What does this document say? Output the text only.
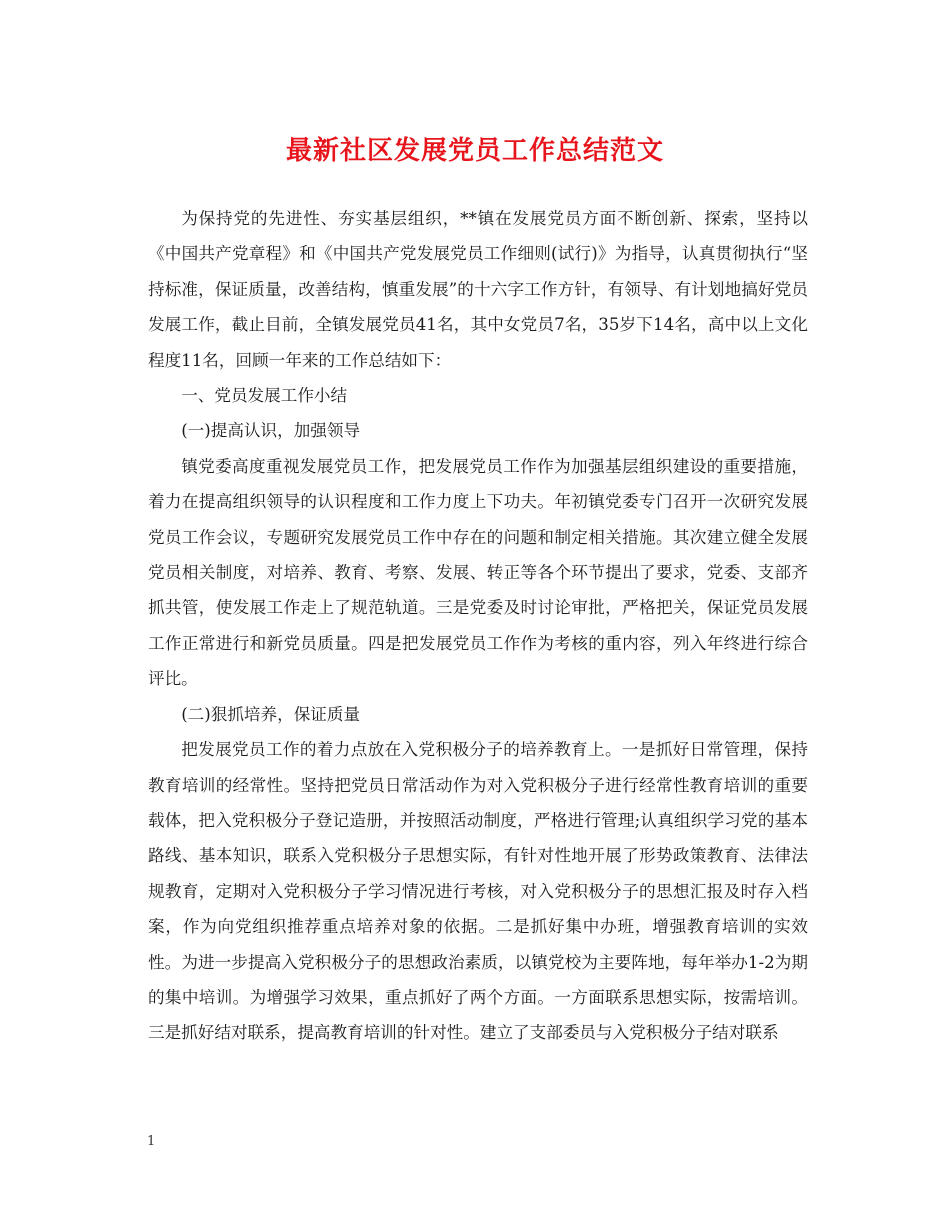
最新社区发展党员工作总结范文

为保持党的先进性、夯实基层组织，**镇在发展党员方面不断创新、探索，坚持以《中国共产党章程》和《中国共产党发展党员工作细则(试行)》为指导，认真贯彻执行“坚持标准，保证质量，改善结构，慎重发展”的十六字工作方针，有领导、有计划地搞好党员发展工作，截止目前，全镇发展党员41名，其中女党员7名，35岁下14名，高中以上文化程度11名，回顾一年来的工作总结如下：

一、党员发展工作小结

(一)提高认识，加强领导

镇党委高度重视发展党员工作，把发展党员工作作为加强基层组织建设的重要措施，着力在提高组织领导的认识程度和工作力度上下功夫。年初镇党委专门召开一次研究发展党员工作会议，专题研究发展党员工作中存在的问题和制定相关措施。其次建立健全发展党员相关制度，对培养、教育、考察、发展、转正等各个环节提出了要求，党委、支部齐抓共管，使发展工作走上了规范轨道。三是党委及时讨论审批，严格把关，保证党员发展工作正常进行和新党员质量。四是把发展党员工作作为考核的重内容，列入年终进行综合评比。

(二)狠抓培养，保证质量

把发展党员工作的着力点放在入党积极分子的培养教育上。一是抓好日常管理，保持教育培训的经常性。坚持把党员日常活动作为对入党积极分子进行经常性教育培训的重要载体，把入党积极分子登记造册，并按照活动制度，严格进行管理;认真组织学习党的基本路线、基本知识，联系入党积极分子思想实际，有针对性地开展了形势政策教育、法律法规教育，定期对入党积极分子学习情况进行考核，对入党积极分子的思想汇报及时存入档案，作为向党组织推荐重点培养对象的依据。二是抓好集中办班，增强教育培训的实效性。为进一步提高入党积极分子的思想政治素质，以镇党校为主要阵地，每年举办1-2为期的集中培训。为增强学习效果，重点抓好了两个方面。一方面联系思想实际，按需培训。三是抓好结对联系，提高教育培训的针对性。建立了支部委员与入党积极分子结对联系

1
